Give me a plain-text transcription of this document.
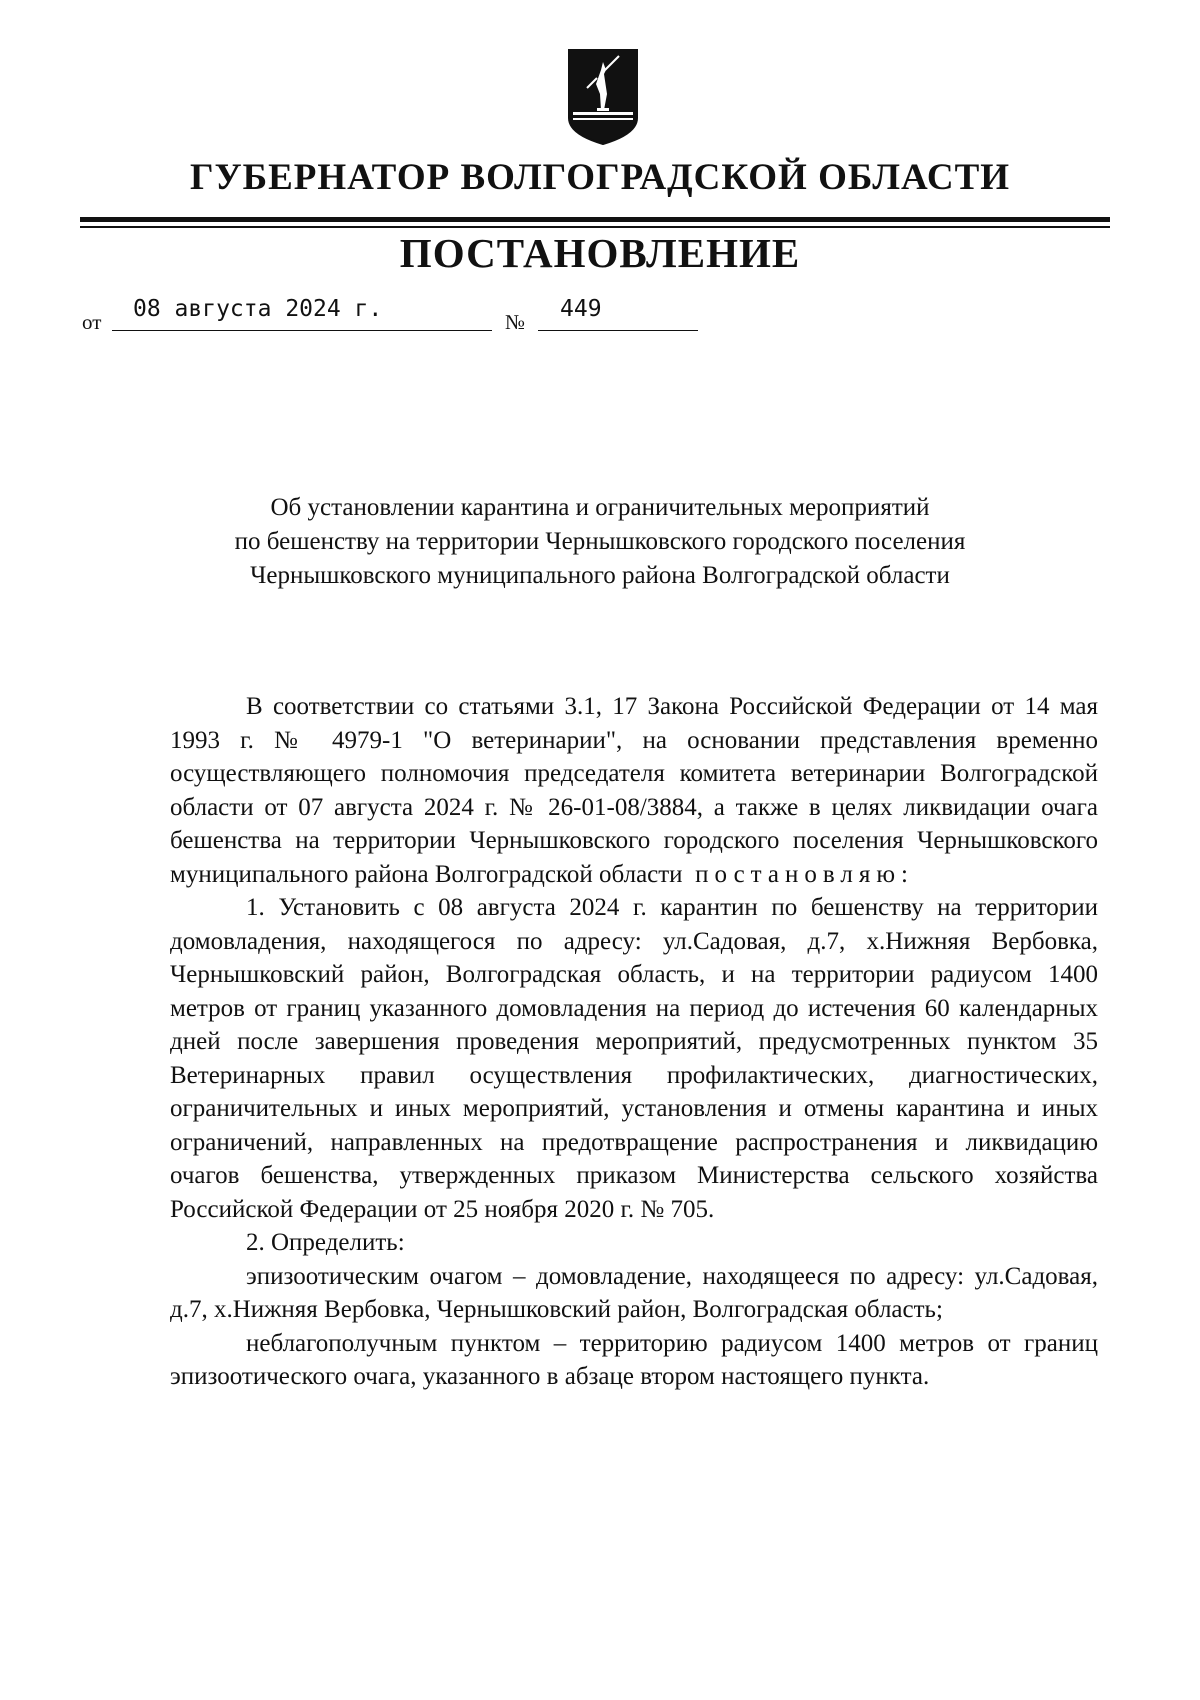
ГУБЕРНАТОР ВОЛГОГРАДСКОЙ ОБЛАСТИ
ПОСТАНОВЛЕНИЕ
от 08 августа 2024 г.	№ 449
Об установлении карантина и ограничительных мероприятий
по бешенству на территории Чернышковского городского поселения
Чернышковского муниципального района Волгоградской области

В соответствии со статьями 3.1, 17 Закона Российской Федерации от 14 мая 1993 г. № 4979-1 "О ветеринарии", на основании представления временно осуществляющего полномочия председателя комитета ветеринарии Волгоградской области от 07 августа 2024 г. № 26-01-08/3884, а также в целях ликвидации очага бешенства на территории Чернышковского городского поселения Чернышковского муниципального района Волгоградской области постановляю:

1. Установить с 08 августа 2024 г. карантин по бешенству на территории домовладения, находящегося по адресу: ул.Садовая, д.7, х.Нижняя Вербовка, Чернышковский район, Волгоградская область, и на территории радиусом 1400 метров от границ указанного домовладения на период до истечения 60 календарных дней после завершения проведения мероприятий, предусмотренных пунктом 35 Ветеринарных правил осуществления профилактических, диагностических, ограничительных и иных мероприятий, установления и отмены карантина и иных ограничений, направленных на предотвращение распространения и ликвидацию очагов бешенства, утвержденных приказом Министерства сельского хозяйства Российской Федерации от 25 ноября 2020 г. № 705.

2. Определить:

эпизоотическим очагом – домовладение, находящееся по адресу: ул.Садовая, д.7, х.Нижняя Вербовка, Чернышковский район, Волгоградская область;

неблагополучным пунктом – территорию радиусом 1400 метров от границ эпизоотического очага, указанного в абзаце втором настоящего пункта.
